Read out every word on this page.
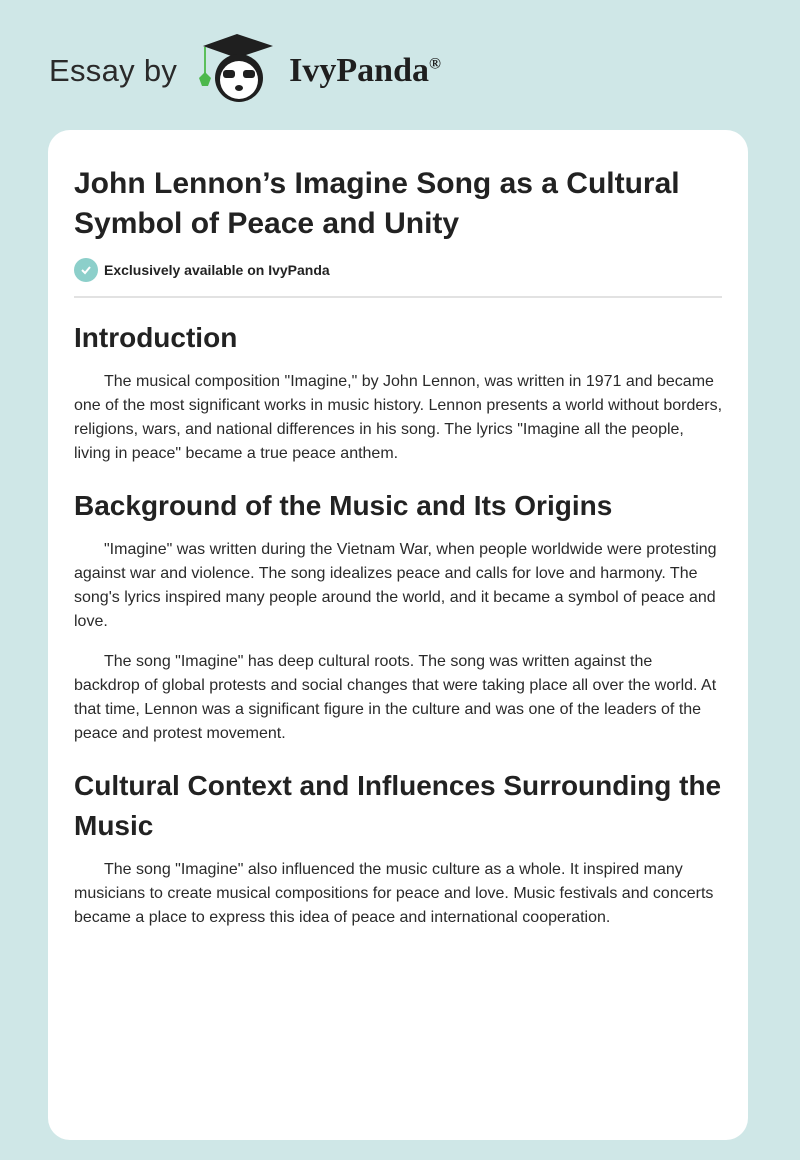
Essay by	IvyPanda®
John Lennon’s Imagine Song as a Cultural Symbol of Peace and Unity
Exclusively available on IvyPanda
Introduction

The musical composition "Imagine," by John Lennon, was written in 1971 and became one of the most significant works in music history. Lennon presents a world without borders, religions, wars, and national differences in his song. The lyrics "Imagine all the people, living in peace" became a true peace anthem.

Background of the Music and Its Origins

"Imagine" was written during the Vietnam War, when people worldwide were protesting against war and violence. The song idealizes peace and calls for love and harmony. The song's lyrics inspired many people around the world, and it became a symbol of peace and love.

The song "Imagine" has deep cultural roots. The song was written against the backdrop of global protests and social changes that were taking place all over the world. At that time, Lennon was a significant figure in the culture and was one of the leaders of the peace and protest movement.

Cultural Context and Influences Surrounding the Music

The song "Imagine" also influenced the music culture as a whole. It inspired many musicians to create musical compositions for peace and love. Music festivals and concerts became a place to express this idea of peace and international cooperation.
